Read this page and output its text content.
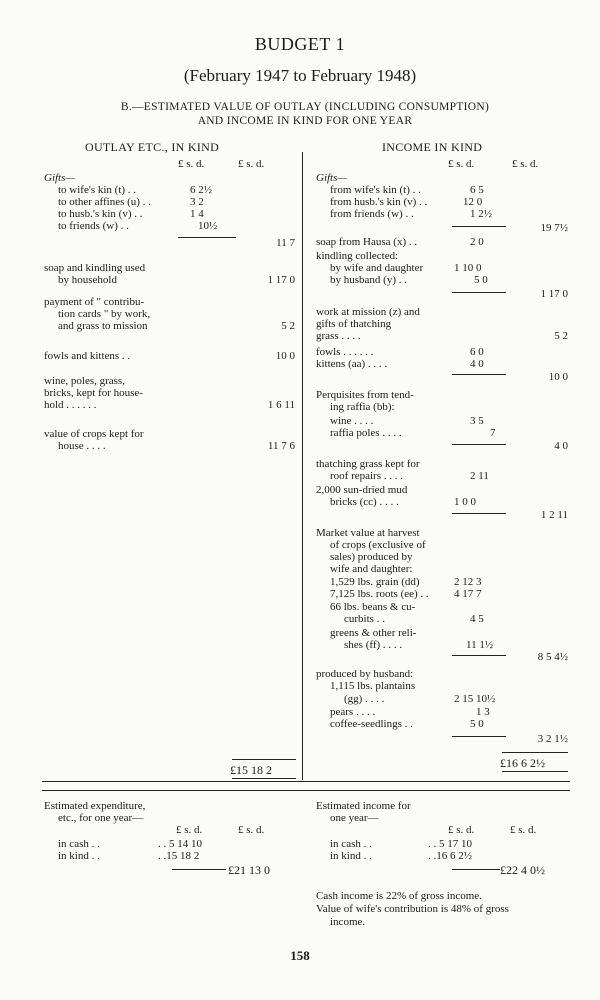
BUDGET 1
(February 1947 to February 1948)
B.—ESTIMATED VALUE OF OUTLAY (INCLUDING CONSUMPTION)
AND INCOME IN KIND FOR ONE YEAR
OUTLAY ETC., IN KIND	INCOME IN KIND
£ s. d.	£ s. d.	£ s. d.	£ s. d.
Gifts—
to wife's kin (t) . .	6 2½
to other affines (u) . .	3 2
to husb.'s kin (v) . .	1 4
to friends (w) . .	10½
11 7
soap and kindling used
by household	1 17 0
payment of " contribu-
tion cards " by work,
and grass to mission	5 2
fowls and kittens . .	10 0
wine, poles, grass,
bricks, kept for house-
hold . . . . . .	1 6 11
value of crops kept for
house . . . .	11 7 6
£15 18 2
Gifts—
from wife's kin (t) . .	6 5
from husb.'s kin (v) . .	12 0
from friends (w) . .	1 2½
19 7½
soap from Hausa (x) . .	2 0
kindling collected:
by wife and daughter	1 10 0
by husband (y) . .	5 0
1 17 0
work at mission (z) and
gifts of thatching
grass . . . .	5 2
fowls . . . . . .	6 0
kittens (aa) . . . .	4 0
10 0
Perquisites from tend-
ing raffia (bb):
wine . . . .	3 5
raffia poles . . . .	7
4 0
thatching grass kept for
roof repairs . . . .	2 11
2,000 sun-dried mud
bricks (cc) . . . .	1 0 0
1 2 11
Market value at harvest
of crops (exclusive of
sales) produced by
wife and daughter:
1,529 lbs. grain (dd)	2 12 3
7,125 lbs. roots (ee) . . 4 17 7
66 lbs. beans & cu-
curbits . .	4 5
greens & other reli-
shes (ff) . . . .	11 1½
8 5 4½
produced by husband:
1,115 lbs. plantains
(gg) . . . .	2 15 10½
pears . . . .	1 3
coffee-seedlings . .	5 0
3 2 1½
£16 6 2½
Estimated expenditure,
etc., for one year—
£ s. d.	£ s. d.
in cash . .	. . 5 14 10
in kind . .	. .15 18 2
£21 13 0
Estimated income for
one year—
£ s. d.	£ s. d.
in cash . .	. . 5 17 10
in kind . .	. .16 6 2½
£22 4 0½
Cash income is 22% of gross income.
Value of wife's contribution is 48% of gross
income.
158
